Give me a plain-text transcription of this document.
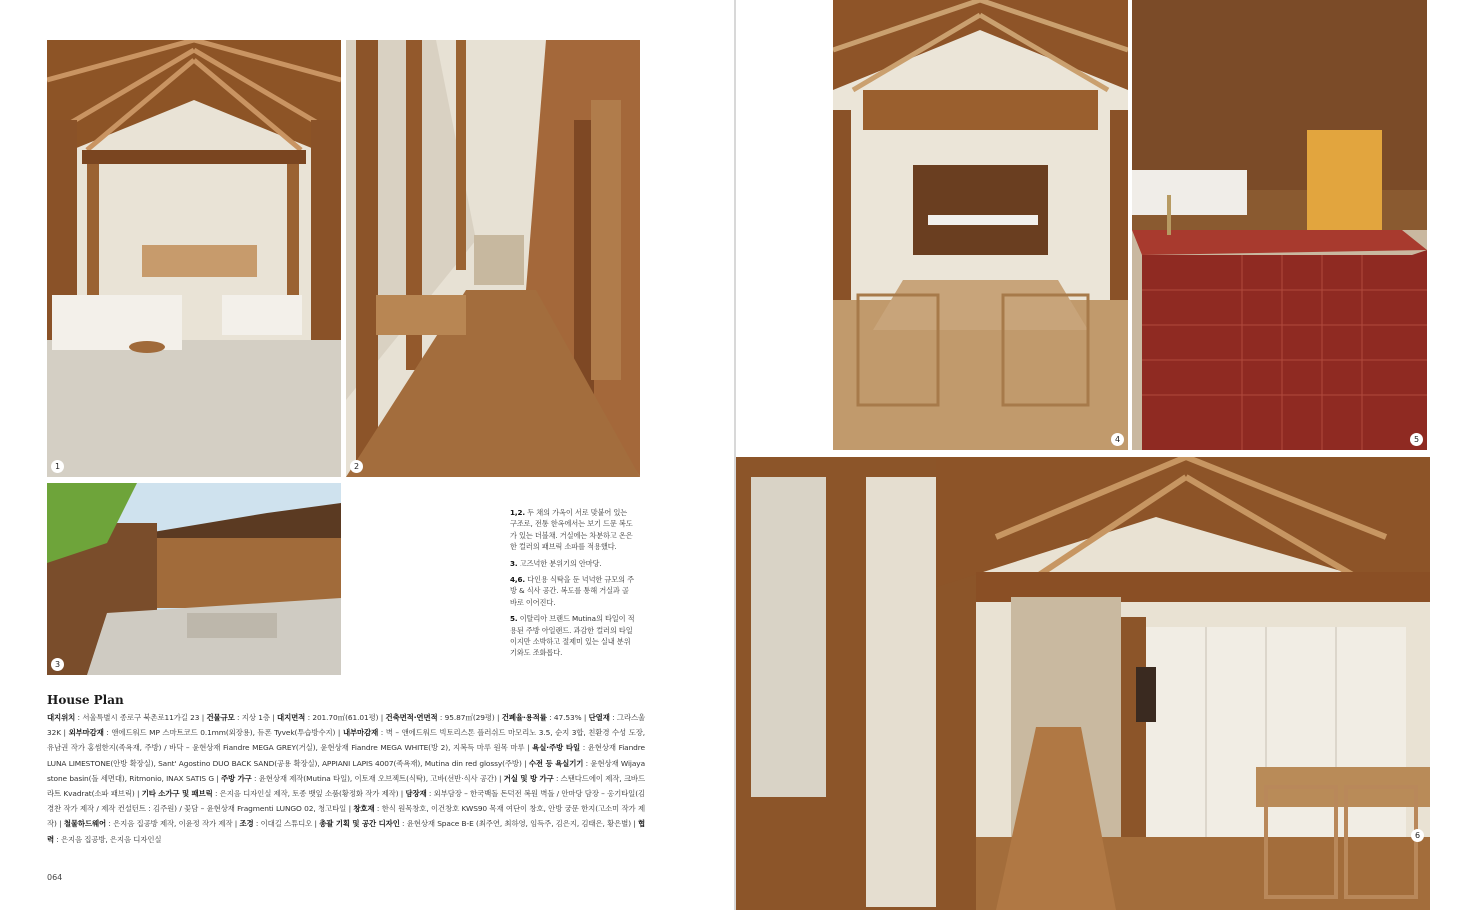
1	2
3

1,2. 두 채의 가옥이 서로 맞붙어 있는 구조로, 전통 한옥에서는 보기 드문 복도가 있는 더블채. 거실에는 차분하고 온은한 컬러의 패브릭 소파를 적용했다.

3. 고즈넉한 분위기의 안마당.

4,6. 다인용 식탁을 둔 넉넉한 규모의 주방 & 식사 공간. 복도를 통해 거실과 골바로 이어진다.

5. 이탈리아 브랜드 Mutina의 타일이 적용된 주방 아일랜드. 과감한 컬러의 타일이지만 소박하고 절제미 있는 실내 분위기와도 조화롭다.

House Plan
대지위치 : 서울특별시 종로구 북촌로11가길 23 | 건물규모 : 지상 1층 | 대지면적 : 201.70㎡(61.01평) | 건축면적·연면적 : 95.87㎡(29평) | 건폐율·용적률 : 47.53% | 단열재 : 그라스울 32K | 외부마감재 : 앤에드워드 MP 스마트코드 0.1mm(외장용), 듀폰 Tyvek(투습방수지) | 내부마감재 : 벽 – 앤에드워드 빅토리스톤 플러쉬드 마모리노 3.5, 순지 3합, 친환경 수성 도장, 유남권 작가 홍썸한지(족욕재, 주방) / 바닥 – 윤현상재 Fiandre MEGA GREY(거실), 윤현상재 Fiandre MEGA WHITE(방 2), 지복득 마루 원목 마루 | 욕실·주방 타일 : 윤현상재 Fiandre LUNA LIMESTONE(안방 확장실), Sant' Agostino DUO BACK SAND(공용 확장실), APPIANI LAPIS 4007(족욕재), Mutina din red glossy(주방) | 수전 등 욕실기기 : 윤현상재 Wijaya stone basin(돌 세면대), Ritmonio, INAX SATIS G | 주방 가구 : 윤현상재 제작(Mutina 타일), 이토재 오브젝트(식탁), 고바(선반·식사 공간) | 거실 및 방 가구 : 스탠다드에이 제작, 크바드라트 Kvadrat(소파 패브릭) | 기타 소가구 및 패브릭 : 은지음 디자인실 제작, 토종 뱃잎 소품(황정화 작가 제작) | 담장재 : 외부담장 – 한국백돌 돈덕전 복원 벽돌 / 안마당 담장 – 옹기타일(김경찬 작가 제작 / 제작 컨설턴트 : 김주원) / 꽃담 – 윤현상재 Fragmenti LUNGO 02, 청고타일 | 창호재 : 한식 원목창호, 이건창호 KWS90 목재 여단이 창호, 안방 궁문 한지(고소미 작가 제작) | 철물하드웨어 : 은지음 집공방 제작, 이윤정 작가 제작 | 조경 : 이대길 스튜디오 | 총괄 기획 및 공간 디자인 : 윤현상재 Space B-E (최주연, 최하영, 임득주, 김은지, 김태은, 황은별) | 협력 : 은지음 집공방, 은지음 디자인실
064
4	5
6
